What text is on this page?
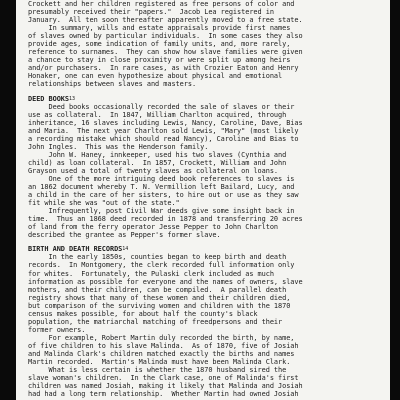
Crockett and her children registered as free persons of color and
presumably received their "papers."  Jacob Lea registered in
January.  All ten soon thereafter apparently moved to a free state.
In summary, wills and estate appraisals provide first names
of slaves owned by particular individuals.  In some cases they also
provide ages, some indication of family units, and, more rarely,
reference to surnames.  They can show how slave families were given
a chance to stay in close proximity or were split up among heirs
and/or purchasers.  In rare cases, as with Crozier Eaton and Henry
Honaker, one can even hypothesize about physical and emotional
relationships between slaves and masters.
DEED BOOKS$^{13}$
Deed books occasionally recorded the sale of slaves or their
use as collateral.  In 1847, William Charlton acquired, through
inheritance, 16 slaves including Lewis, Nancy, Caroline, Dave, Bias
and Maria.  The next year Charlton sold Lewis, "Mary" (most likely
a recording mistake which should read Nancy), Caroline and Bias to
John Ingles.  This was the Henderson family.
John W. Haney, innkeeper, used his two slaves (Cynthia and
child) as loan collateral.  In 1857, Crockett, William and John
Grayson used a total of twenty slaves as collateral on loans.
One of the more intriguing deed book references to slaves is
an 1862 document whereby T. N. Vermillion left Bailard, Lucy, and
a child in the care of her sisters, to hire out or use as they saw
fit while she was "out of the state."
Infrequently, post Civil War deeds give some insight back in
time.  Thus an 1868 deed recorded in 1878 and transferring 20 acres
of land from the ferry operator Jesse Pepper to John Charlton
described the grantee as Pepper's former slave.
BIRTH AND DEATH RECORDS$^{14}$
In the early 1850s, counties began to keep birth and death
records.  In Montgomery, the clerk recorded full information only
for whites.  Fortunately, the Pulaski clerk included as much
information as possible for everyone and the names of owners, slave
mothers, and their children, can be compiled.  A parallel death
registry shows that many of these women and their children died,
but comparison of the surviving women and children with the 1870
census makes possible, for about half the county's black
population, the matriarchal matching of freedpersons and their
former owners.
For example, Robert Martin duly recorded the birth, by name,
of five children to his slave Malinda.  As of 1870, five of Josiah
and Malinda Clark's children matched exactly the births and names
Martin recorded.  Martin's Malinda must have been Malinda Clark.
What is less certain is whether the 1870 husband sired the
slave woman's children.  In the Clark case, one of Malinda's first
children was named Josiah, making it likely that Malinda and Josiah
had had a long term relationship.  Whether Martin had owned Josiah
